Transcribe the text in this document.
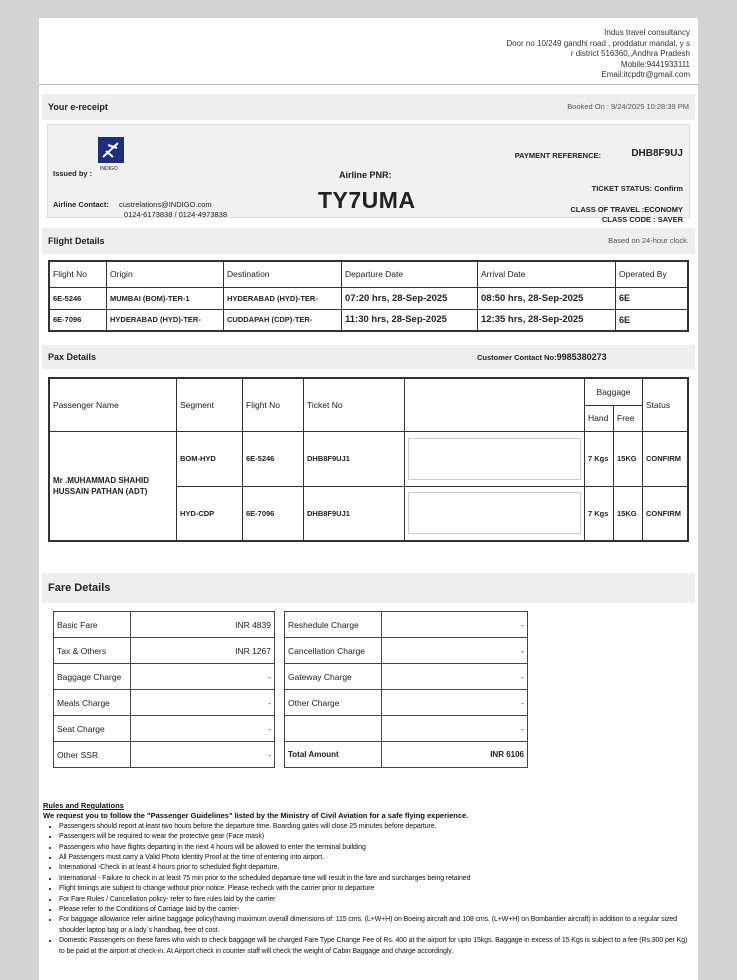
Indus travel consultancy
Door no 10/249 gandhi road , proddatur mandal, y s
r district 516360,,Andhra Pradesh
Mobile:9441933111
Email:itcpdtr@gmail.com
Your e-receipt	Booked On : 9/24/2025 10:28:39 PM
Issued by : INDIGO
Airline Contact: custrelations@INDIGO.com
0124-6173838 / 0124-4973838
Airline PNR:
TY7UMA
PAYMENT REFERENCE:	DHB8F9UJ
TICKET STATUS: Confirm
CLASS OF TRAVEL :ECONOMY
CLASS CODE : SAVER
Flight Details	Based on 24-hour clock.
Flight No	Origin	Destination	Departure Date	Arrival Date	Operated By
6E-5246	MUMBAI (BOM)-TER-1	HYDERABAD (HYD)-TER-	07:20 hrs, 28-Sep-2025	08:50 hrs, 28-Sep-2025	6E
6E-7096	HYDERABAD (HYD)-TER-	CUDDAPAH (CDP)-TER-	11:30 hrs, 28-Sep-2025	12:35 hrs, 28-Sep-2025	6E
Pax Details	Customer Contact No:9985380273
Passenger Name	Segment	Flight No	Ticket No		Baggage		Status
					Hand	Free	
Mr .MUHAMMAD SHAHID HUSSAIN PATHAN (ADT)	BOM-HYD	6E-5246	DHB8F9UJ1		7 Kgs	15KG	CONFIRM
	HYD-CDP	6E-7096	DHB8F9UJ1		7 Kgs	15KG	CONFIRM
Fare Details
Basic Fare	INR 4839
Tax & Others	INR 1267
Baggage Charge	-
Meals Charge	-
Seat Charge	-
Other SSR	-
Reshedule Charge	-
Cancellation Charge	-
Gateway Charge	-
Other Charge	-
	-
Total Amount	INR 6106
Rules and Regulations
We request you to follow the "Passenger Guidelines" listed by the Ministry of Civil Aviation for a safe flying experience.
• Passengers should report at least two hours before the departure time. Boarding gates will close 25 minutes before departure.
• Passengers will be required to wear the protective gear (Face mask)
• Passengers who have flights departing in the next 4 hours will be allowed to enter the terminal building
• All Passengers must carry a Valid Photo Identity Proof at the time of entering into airport.
• International -Check in at least 4 hours prior to scheduled flight departure.
• International - Failure to check in at least 75 min prior to the scheduled departure time will result in the fare and surcharges being retained
• Flight timings are subject to change without prior notice. Please recheck with the carrier prior to departure
• For Fare Rules / Cancellation policy- refer to fare rules laid by the carrier
• Please refer to the Conditions of Carriage laid by the carrier-
• For baggage allowance refer airline baggage policy(having maximum overall dimensions of: 115 cms. (L+W+H) on Boeing aircraft and 108 cms. (L+W+H) on Bombardier aircraft) in addition to a regular sized shoulder laptop bag or a lady`s handbag, free of cost.
• Domestic Passengers on these fares who wish to check baggage will be charged Fare Type Change Fee of Rs. 400 at the airport for upto 15kgs. Baggage in excess of 15 Kgs is subject to a fee (Rs.300 per Kg) to be paid at the airport at check-in. At Airport check in counter staff will check the weight of Cabin Baggage and charge accordingly.
